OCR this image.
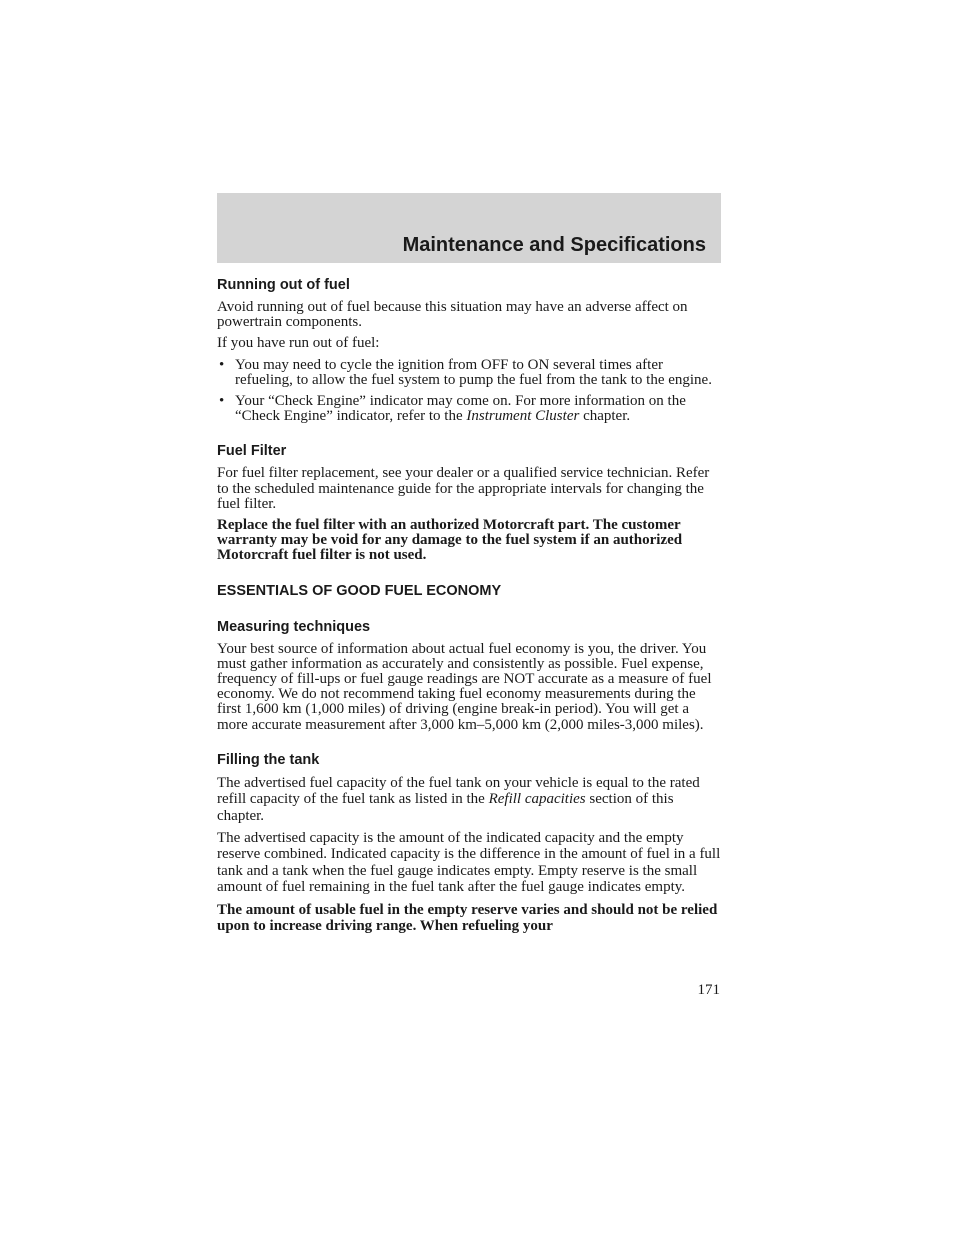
Maintenance and Specifications
Running out of fuel

Avoid running out of fuel because this situation may have an adverse affect on powertrain components.

If you have run out of fuel:

• You may need to cycle the ignition from OFF to ON several times after refueling, to allow the fuel system to pump the fuel from the tank to the engine.
• Your “Check Engine” indicator may come on. For more information on the “Check Engine” indicator, refer to the Instrument Cluster chapter.
Fuel Filter

For fuel filter replacement, see your dealer or a qualified service technician. Refer to the scheduled maintenance guide for the appropriate intervals for changing the fuel filter.

Replace the fuel filter with an authorized Motorcraft part. The customer warranty may be void for any damage to the fuel system if an authorized Motorcraft fuel filter is not used.

ESSENTIALS OF GOOD FUEL ECONOMY
Measuring techniques

Your best source of information about actual fuel economy is you, the driver. You must gather information as accurately and consistently as possible. Fuel expense, frequency of fill-ups or fuel gauge readings are NOT accurate as a measure of fuel economy. We do not recommend taking fuel economy measurements during the first 1,600 km (1,000 miles) of driving (engine break-in period). You will get a more accurate measurement after 3,000 km–5,000 km (2,000 miles-3,000 miles).

Filling the tank

The advertised fuel capacity of the fuel tank on your vehicle is equal to the rated refill capacity of the fuel tank as listed in the Refill capacities section of this chapter.

The advertised capacity is the amount of the indicated capacity and the empty reserve combined. Indicated capacity is the difference in the amount of fuel in a full tank and a tank when the fuel gauge indicates empty. Empty reserve is the small amount of fuel remaining in the fuel tank after the fuel gauge indicates empty.

The amount of usable fuel in the empty reserve varies and should not be relied upon to increase driving range. When refueling your

171
